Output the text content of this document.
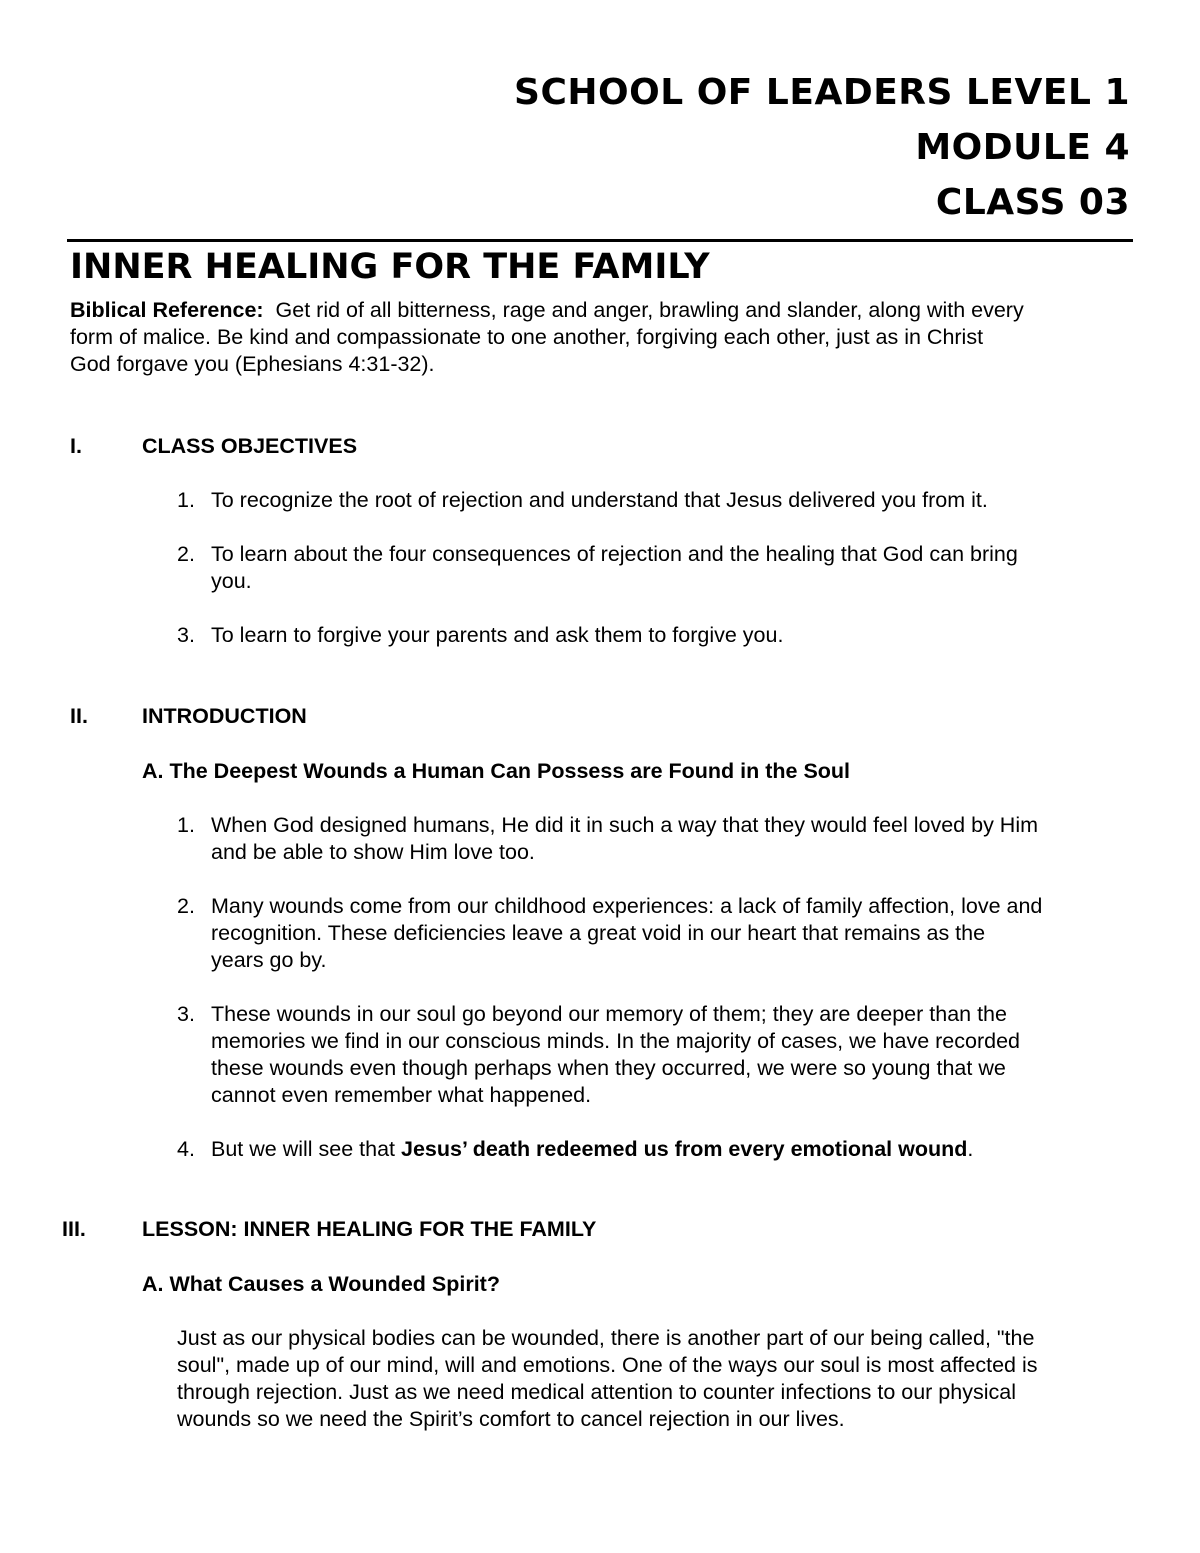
SCHOOL OF LEADERS LEVEL 1
MODULE 4
CLASS 03
INNER HEALING FOR THE FAMILY
Biblical Reference: Get rid of all bitterness, rage and anger, brawling and slander, along with every
form of malice. Be kind and compassionate to one another, forgiving each other, just as in Christ
God forgave you (Ephesians 4:31-32).
I.	CLASS OBJECTIVES
1. To recognize the root of rejection and understand that Jesus delivered you from it.
2. To learn about the four consequences of rejection and the healing that God can bring
you.
3. To learn to forgive your parents and ask them to forgive you.
II.	INTRODUCTION
A. The Deepest Wounds a Human Can Possess are Found in the Soul
1. When God designed humans, He did it in such a way that they would feel loved by Him
and be able to show Him love too.
2. Many wounds come from our childhood experiences: a lack of family affection, love and
recognition. These deficiencies leave a great void in our heart that remains as the
years go by.
3. These wounds in our soul go beyond our memory of them; they are deeper than the
memories we find in our conscious minds. In the majority of cases, we have recorded
these wounds even though perhaps when they occurred, we were so young that we
cannot even remember what happened.
4. But we will see that Jesus’ death redeemed us from every emotional wound.
III.	LESSON: INNER HEALING FOR THE FAMILY
A. What Causes a Wounded Spirit?
Just as our physical bodies can be wounded, there is another part of our being called, "the
soul", made up of our mind, will and emotions. One of the ways our soul is most affected is
through rejection. Just as we need medical attention to counter infections to our physical
wounds so we need the Spirit’s comfort to cancel rejection in our lives.
